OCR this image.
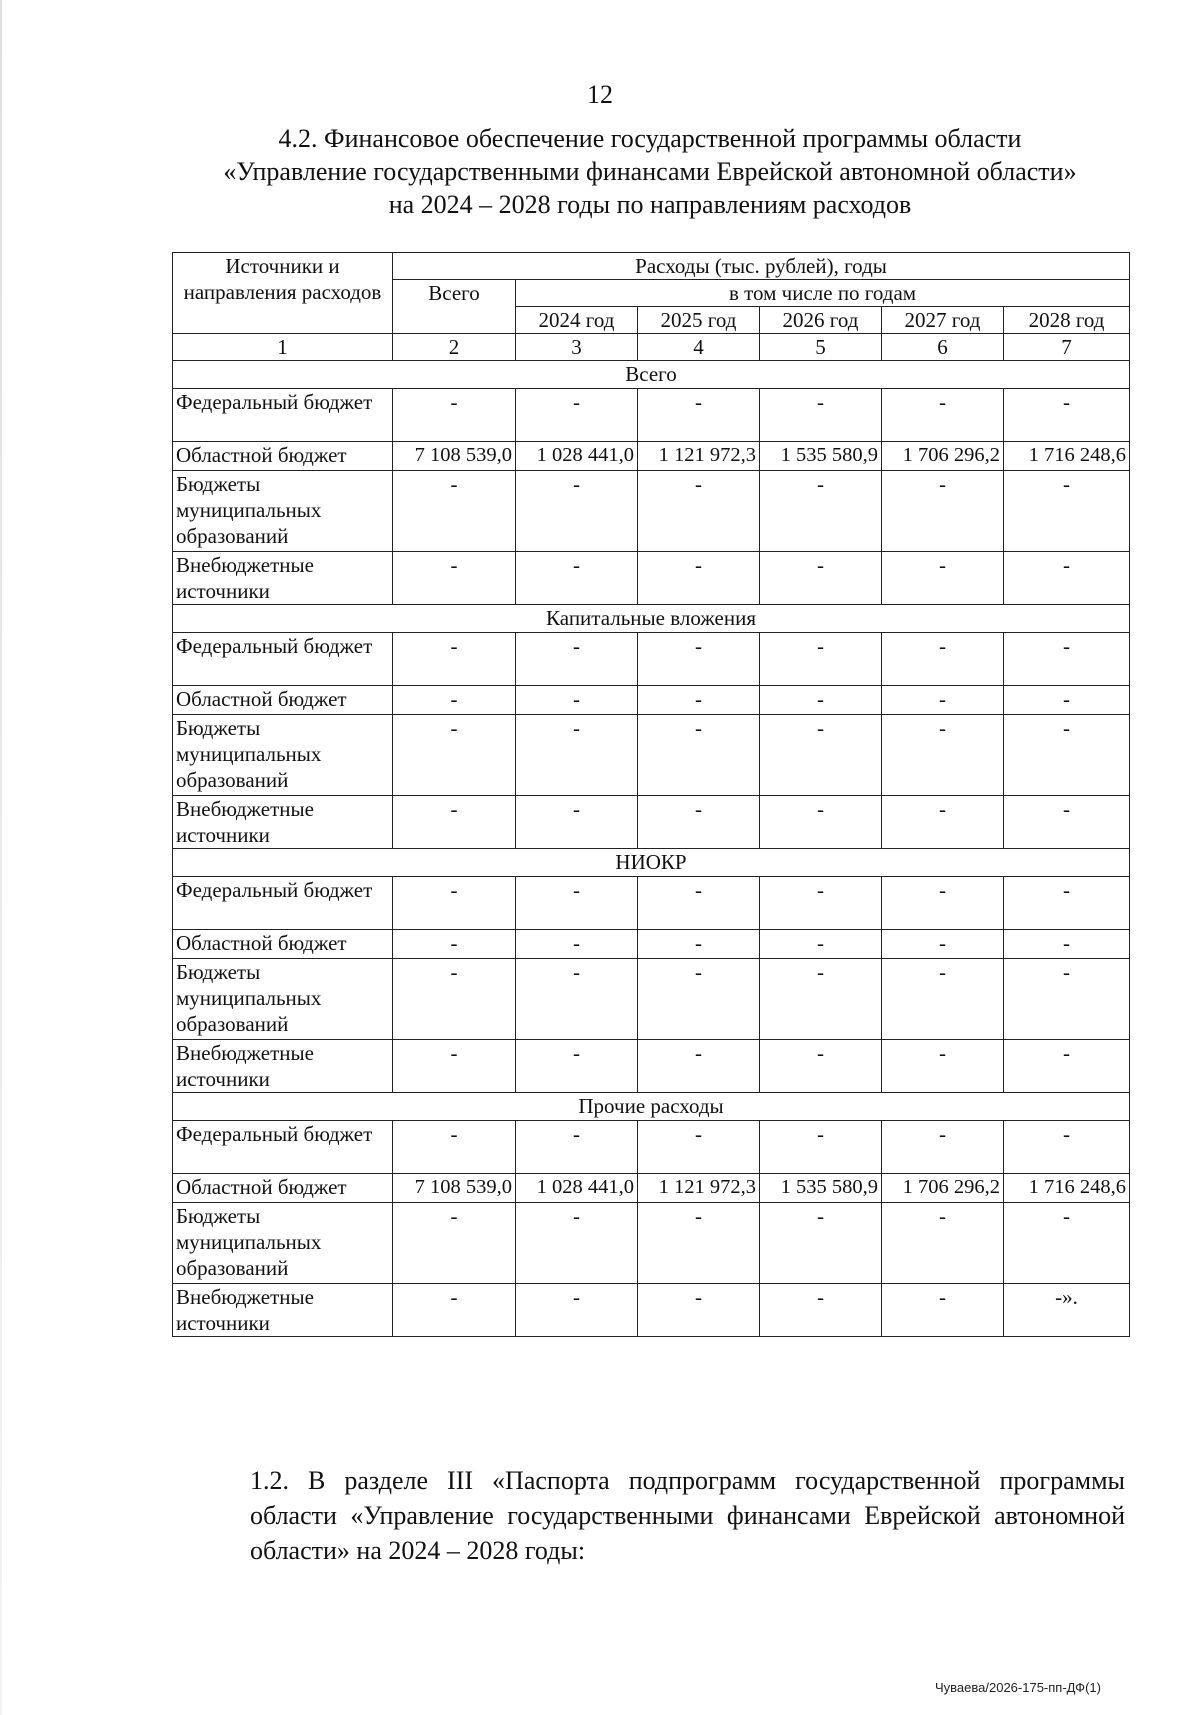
12
4.2. Финансовое обеспечение государственной программы области
«Управление государственными финансами Еврейской автономной области»
на 2024 – 2028 годы по направлениям расходов
Источники и направления расходов	Расходы (тыс. рублей), годы					
	Всего	в том числе по годам				
		2024 год	2025 год	2026 год	2027 год	2028 год
1	2	3	4	5	6	7
Всего						
Федеральный бюджет	-	-	-	-	-	-
Областной бюджет	7 108 539,0	1 028 441,0	1 121 972,3	1 535 580,9	1 706 296,2	1 716 248,6
Бюджеты муниципальных образований	-	-	-	-	-	-
Внебюджетные источники	-	-	-	-	-	-
Капитальные вложения						
Федеральный бюджет	-	-	-	-	-	-
Областной бюджет	-	-	-	-	-	-
Бюджеты муниципальных образований	-	-	-	-	-	-
Внебюджетные источники	-	-	-	-	-	-
НИОКР						
Федеральный бюджет	-	-	-	-	-	-
Областной бюджет	-	-	-	-	-	-
Бюджеты муниципальных образований	-	-	-	-	-	-
Внебюджетные источники	-	-	-	-	-	-
Прочие расходы						
Федеральный бюджет	-	-	-	-	-	-
Областной бюджет	7 108 539,0	1 028 441,0	1 121 972,3	1 535 580,9	1 706 296,2	1 716 248,6
Бюджеты муниципальных образований	-	-	-	-	-	-
Внебюджетные источники	-	-	-	-	-	-».
1.2. В разделе III «Паспорта подпрограмм государственной программы области «Управление государственными финансами Еврейской автономной области» на 2024 – 2028 годы:
Чуваева/2026-175-пп-ДФ(1)
